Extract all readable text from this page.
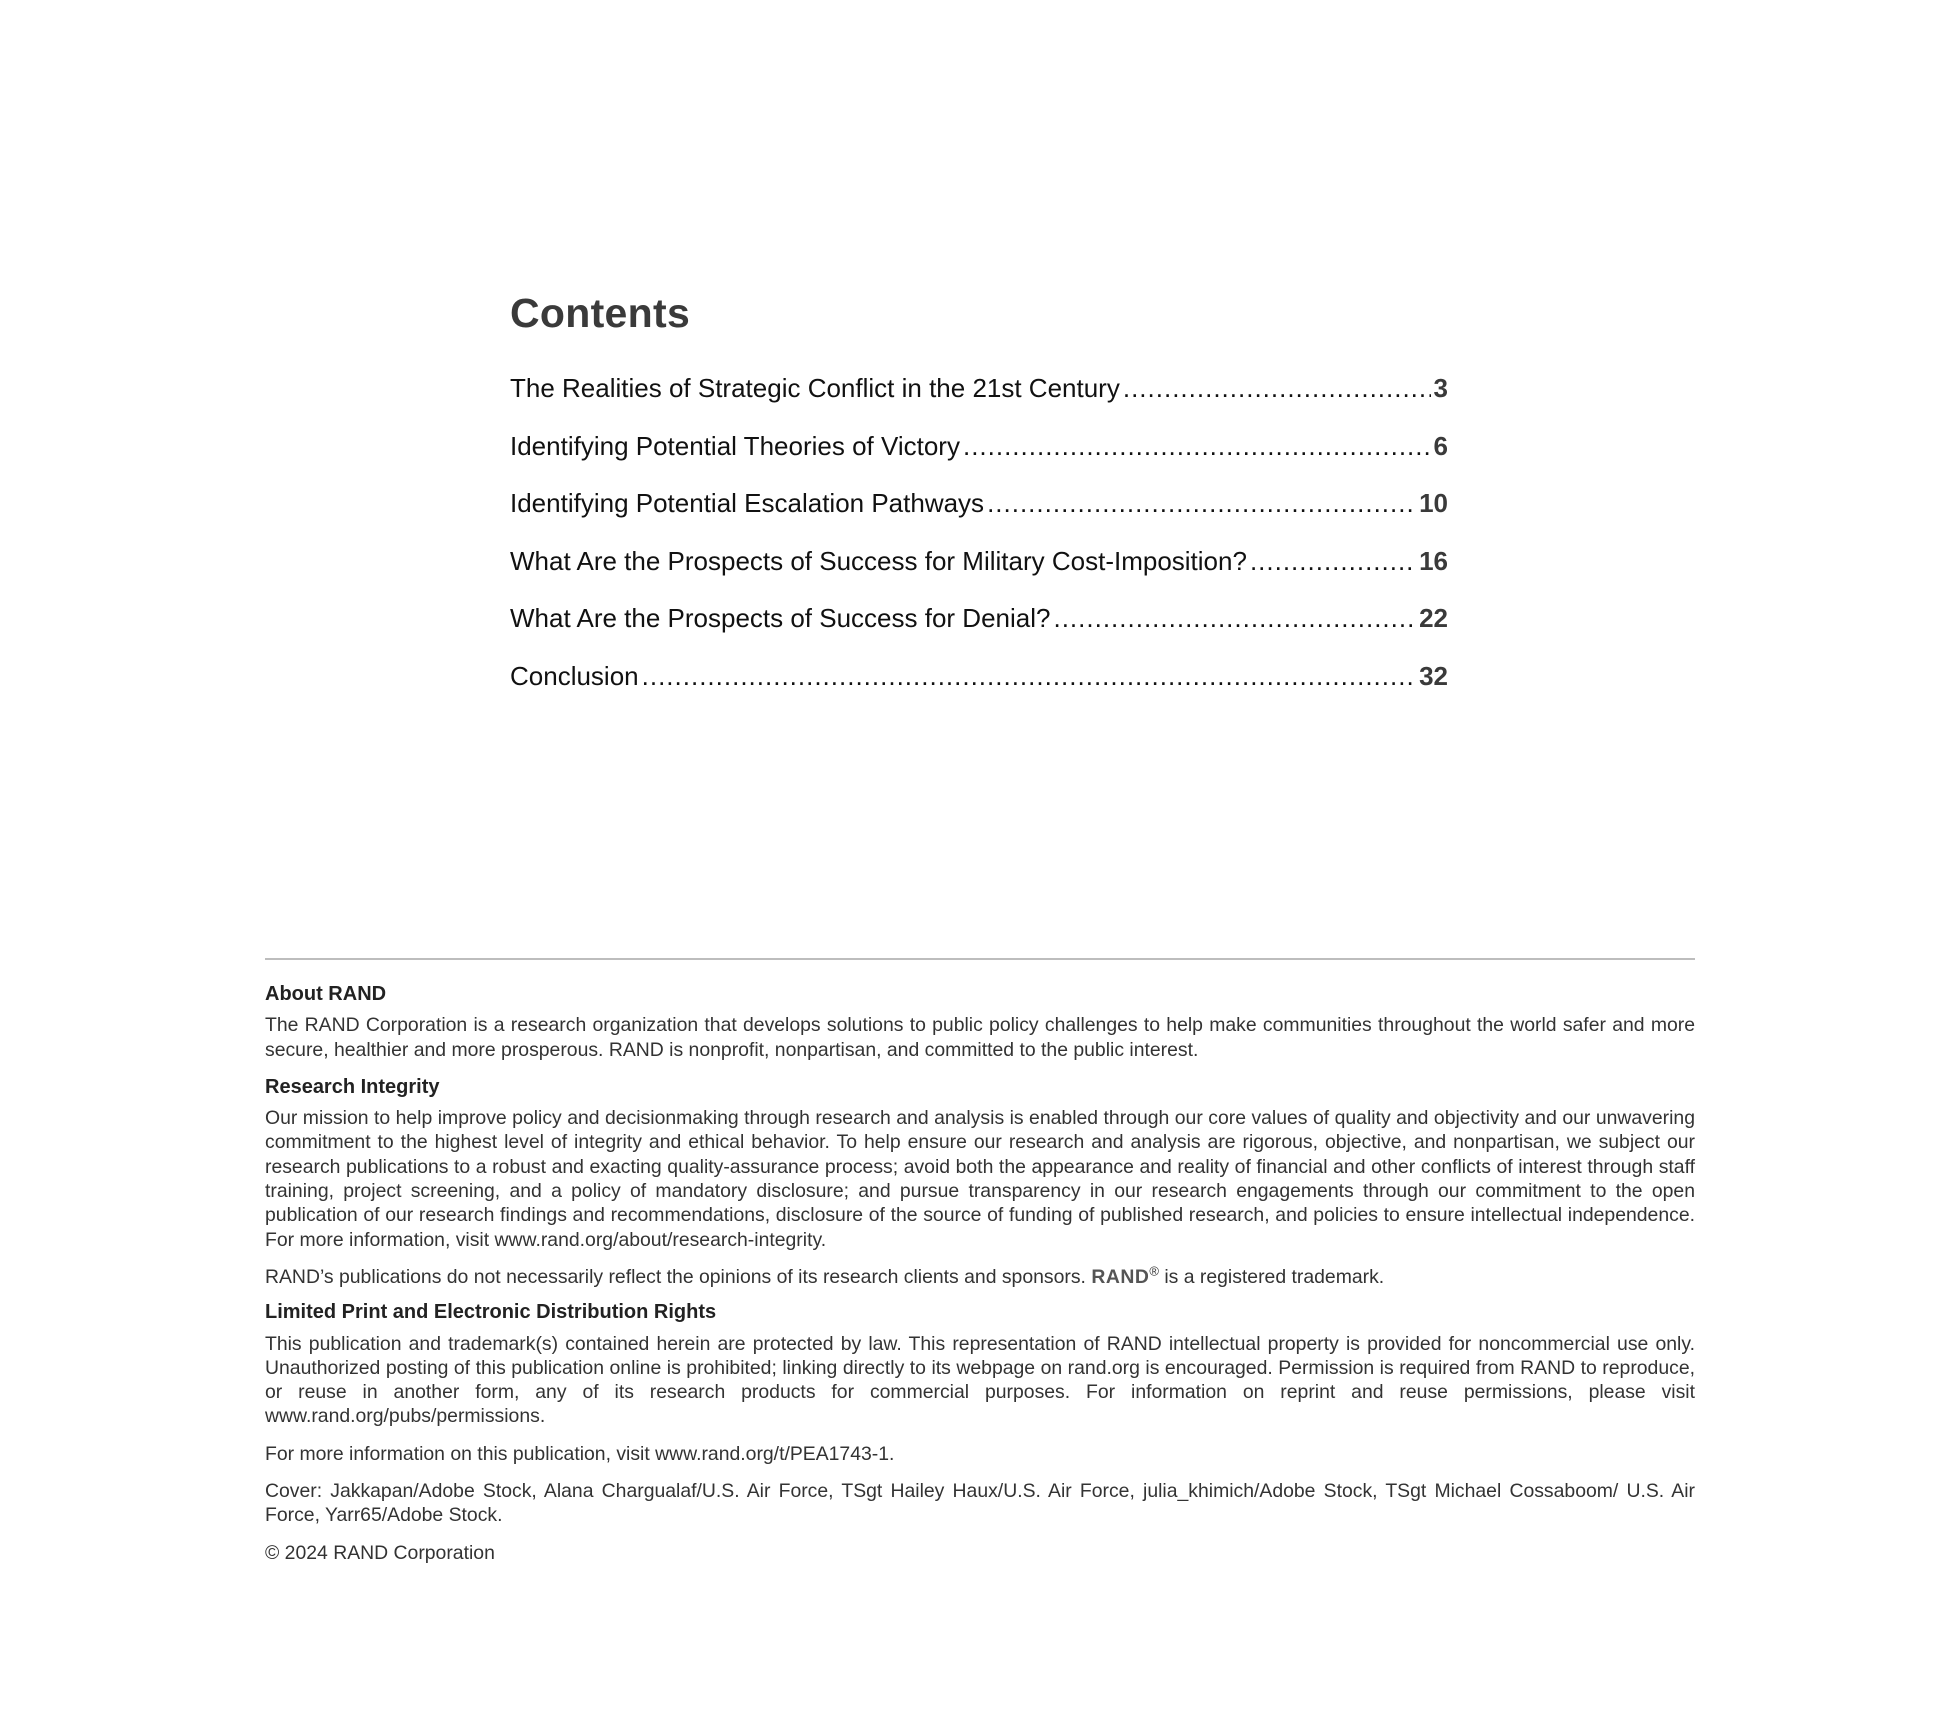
Contents
The Realities of Strategic Conflict in the 21st Century .....	3
Identifying Potential Theories of Victory .....	6
Identifying Potential Escalation Pathways .....	10
What Are the Prospects of Success for Military Cost-Imposition? .....	16
What Are the Prospects of Success for Denial? .....	22
Conclusion .....	32
About RAND

The RAND Corporation is a research organization that develops solutions to public policy challenges to help make communities throughout the world safer and more secure, healthier and more prosperous. RAND is nonprofit, nonpartisan, and committed to the public interest.

Research Integrity

Our mission to help improve policy and decisionmaking through research and analysis is enabled through our core values of quality and objectivity and our unwavering commitment to the highest level of integrity and ethical behavior. To help ensure our research and analysis are rigorous, objective, and nonpartisan, we subject our research publications to a robust and exacting quality-assurance process; avoid both the appearance and reality of financial and other conflicts of interest through staff training, project screening, and a policy of mandatory disclosure; and pursue transparency in our research engagements through our commitment to the open publication of our research findings and recommendations, disclosure of the source of funding of published research, and policies to ensure intellectual independence. For more information, visit www.rand.org/about/research-integrity.

RAND’s publications do not necessarily reflect the opinions of its research clients and sponsors. RAND® is a registered trademark.

Limited Print and Electronic Distribution Rights

This publication and trademark(s) contained herein are protected by law. This representation of RAND intellectual property is provided for noncommercial use only. Unauthorized posting of this publication online is prohibited; linking directly to its webpage on rand.org is encouraged. Permission is required from RAND to reproduce, or reuse in another form, any of its research products for commercial purposes. For information on reprint and reuse permissions, please visit www.rand.org/pubs/permissions.

For more information on this publication, visit www.rand.org/t/PEA1743-1.

Cover: Jakkapan/Adobe Stock, Alana Chargualaf/U.S. Air Force, TSgt Hailey Haux/U.S. Air Force, julia_khimich/Adobe Stock, TSgt Michael Cossaboom/ U.S. Air Force, Yarr65/Adobe Stock.

© 2024 RAND Corporation
